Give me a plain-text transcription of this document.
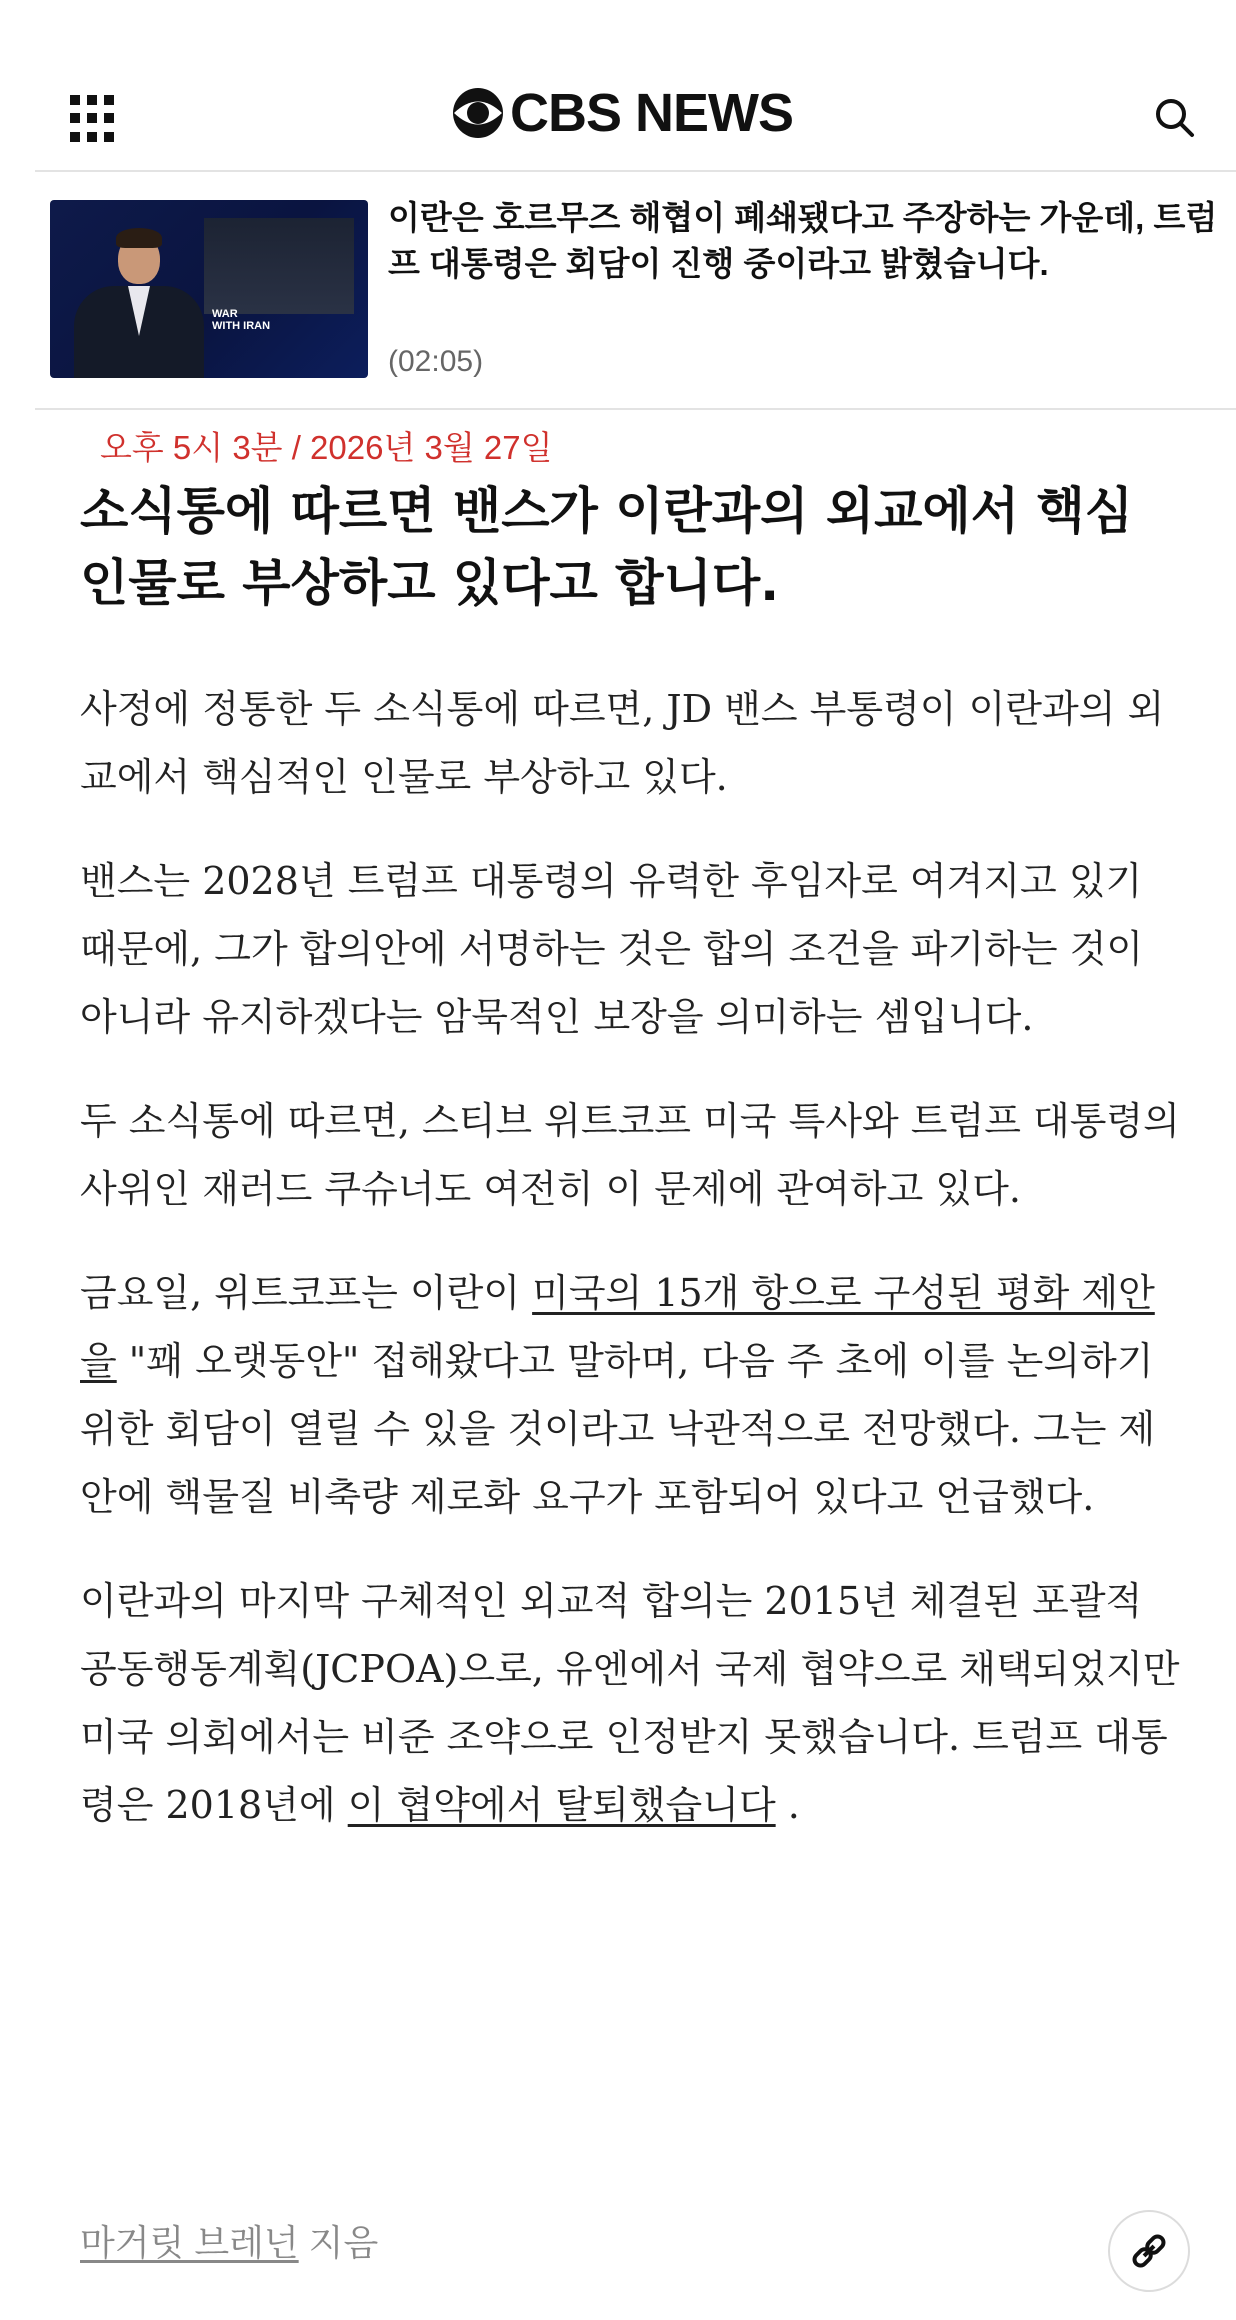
CBS NEWS
WAR
WITH IRAN
이란은 호르무즈 해협이 폐쇄됐다고 주장하는 가운데, 트럼프 대통령은 회담이 진행 중이라고 밝혔습니다.
(02:05)
오후 5시 3분 / 2026년 3월 27일
소식통에 따르면 밴스가 이란과의 외교에서 핵심 인물로 부상하고 있다고 합니다.

사정에 정통한 두 소식통에 따르면, JD 밴스 부통령이 이란과의 외교에서 핵심적인 인물로 부상하고 있다.

밴스는 2028년 트럼프 대통령의 유력한 후임자로 여겨지고 있기 때문에, 그가 합의안에 서명하는 것은 합의 조건을 파기하는 것이 아니라 유지하겠다는 암묵적인 보장을 의미하는 셈입니다.

두 소식통에 따르면, 스티브 위트코프 미국 특사와 트럼프 대통령의 사위인 재러드 쿠슈너도 여전히 이 문제에 관여하고 있다.

금요일, 위트코프는 이란이 미국의 15개 항으로 구성된 평화 제안을 "꽤 오랫동안" 접해왔다고 말하며, 다음 주 초에 이를 논의하기 위한 회담이 열릴 수 있을 것이라고 낙관적으로 전망했다. 그는 제안에 핵물질 비축량 제로화 요구가 포함되어 있다고 언급했다.

이란과의 마지막 구체적인 외교적 합의는 2015년 체결된 포괄적 공동행동계획(JCPOA)으로, 유엔에서 국제 협약으로 채택되었지만 미국 의회에서는 비준 조약으로 인정받지 못했습니다. 트럼프 대통령은 2018년에 이 협약에서 탈퇴했습니다 .

마거릿 브레넌 지음
